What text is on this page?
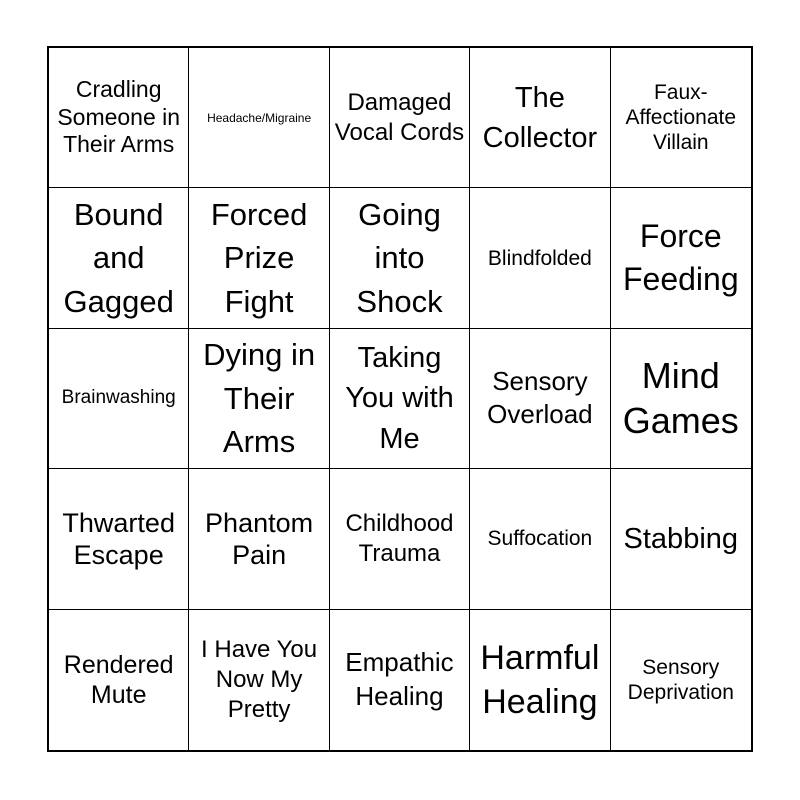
Cradling Someone in Their Arms
Headache/Migraine
Damaged Vocal Cords
The Collector
Faux-Affectionate Villain
Bound and Gagged
Forced Prize Fight
Going into Shock
Blindfolded
Force Feeding
Brainwashing
Dying in Their Arms
Taking You with Me
Sensory Overload
Mind Games
Thwarted Escape
Phantom Pain
Childhood Trauma
Suffocation Stabbing
Rendered Mute
I Have You Now My Pretty
Empathic Healing
Harmful Healing
Sensory Deprivation
